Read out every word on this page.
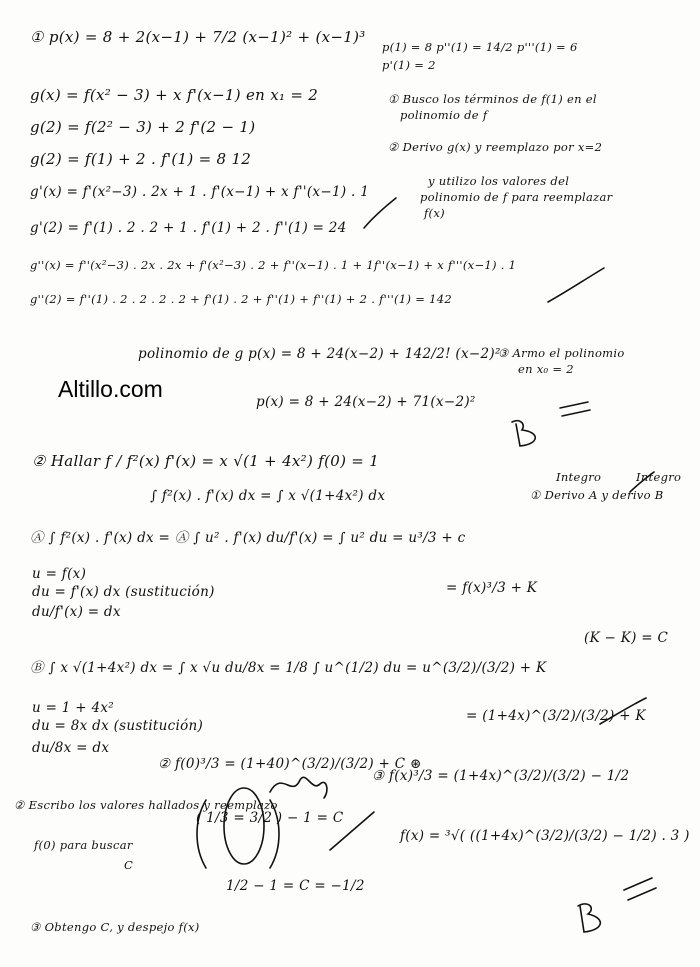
Altillo.com
① p(x) = 8 + 2(x−1) + 7/2 (x−1)² + (x−1)³
g(x) = f(x² − 3) + x f'(x−1) en x₁ = 2
g(2) = f(2² − 3) + 2 f'(2 − 1)
g(2) = f(1) + 2 . f'(1) = 8 12
g'(x) = f'(x²−3) . 2x + 1 . f'(x−1) + x f''(x−1) . 1
g'(2) = f'(1) . 2 . 2 + 1 . f'(1) + 2 . f''(1) = 24
g''(x) = f''(x²−3) . 2x . 2x + f'(x²−3) . 2 + f''(x−1) . 1 + 1f''(x−1) + x f'''(x−1) . 1
g''(2) = f''(1) . 2 . 2 . 2 . 2 + f'(1) . 2 + f''(1) + f''(1) + 2 . f'''(1) = 142
p(1) = 8 p''(1) = 14/2 p'''(1) = 6
p'(1) = 2
① Busco los términos de f(1) en el
polinomio de f
② Derivo g(x) y reemplazo por x=2
y utilizo los valores del
polinomio de f para reemplazar
f(x)
polinomio de g p(x) = 8 + 24(x−2) + 142/2! (x−2)²
③ Armo el polinomio
en x₀ = 2
p(x) = 8 + 24(x−2) + 71(x−2)²
② Hallar f / f²(x) f'(x) = x √(1 + 4x²) f(0) = 1
∫ f²(x) . f'(x) dx = ∫ x √(1+4x²) dx
Integro	Integro
① Derivo A y derivo B
Ⓐ ∫ f²(x) . f'(x) dx = Ⓐ ∫ u² . f'(x) du/f'(x) = ∫ u² du = u³/3 + c
u = f(x)
du = f'(x) dx (sustitución)
du/f'(x) = dx
= f(x)³/3 + K
(K − K) = C
Ⓑ ∫ x √(1+4x²) dx = ∫ x √u du/8x = 1/8 ∫ u^(1/2) du = u^(3/2)/(3/2) + K
u = 1 + 4x²
du = 8x dx (sustitución)
du/8x = dx
= (1+4x)^(3/2)/(3/2) + K
② f(0)³/3 = (1+40)^(3/2)/(3/2) + C ⊛
③ f(x)³/3 = (1+4x)^(3/2)/(3/2) − 1/2
② Escribo los valores hallados y reemplazo
f(0) para buscar
C
( 1/3 = 3/2 ) − 1 = C
1/2 − 1 = C = −1/2
f(x) = ³√( ((1+4x)^(3/2)/(3/2) − 1/2) . 3 )
③ Obtengo C, y despejo f(x)
